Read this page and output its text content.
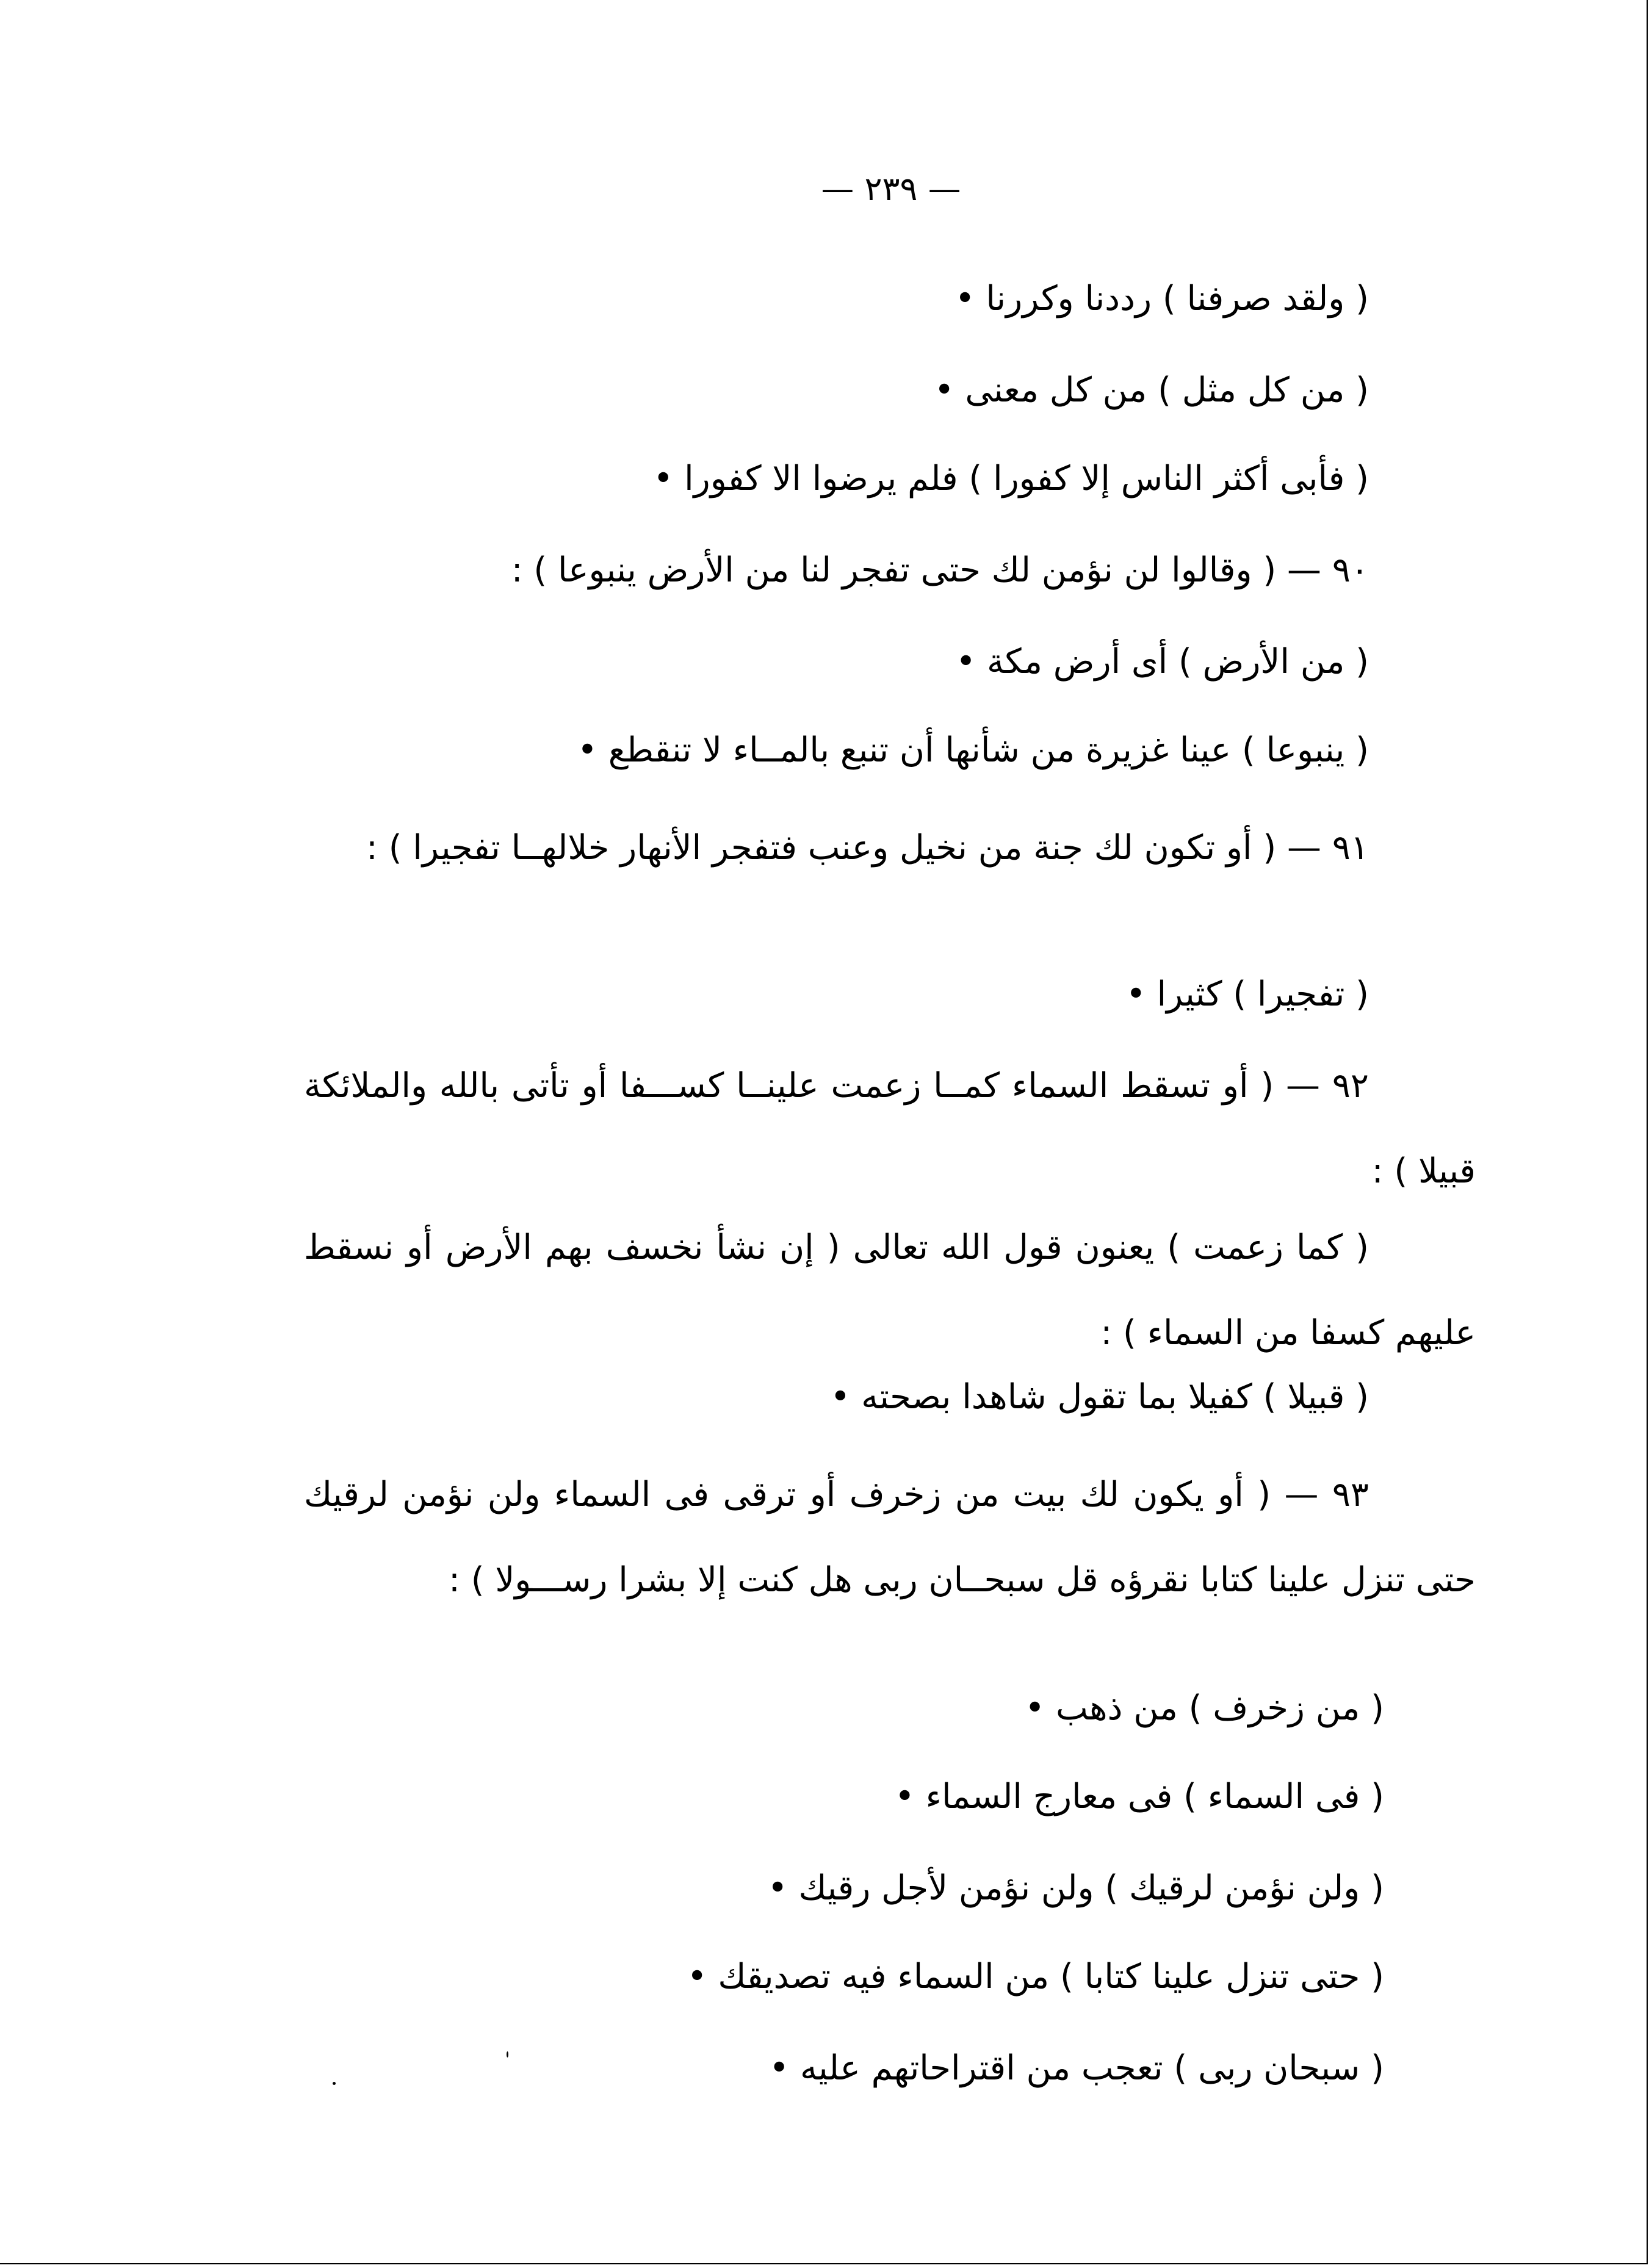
— ٢٣٩ —
( ولقد صرفنا ) رددنا وكررنا •
( من كل مثل ) من كل معنى •
( فأبى أكثر الناس إلا كفورا ) فلم يرضوا الا كفورا •
٩٠ — ( وقالوا لن نؤمن لك حتى تفجر لنا من الأرض ينبوعا ) :
( من الأرض ) أى أرض مكة •
( ينبوعا ) عينا غزيرة من شأنها أن تنبع بالمــاء لا تنقطع •
٩١ — ( أو تكون لك جنة من نخيل وعنب فتفجر الأنهار خلالهــا تفجيرا ) :
( تفجيرا ) كثيرا •
٩٢ — ( أو تسقط السماء كمــا زعمت علينــا كســـفا أو تأتى بالله والملائكة قبيلا ) :
( كما زعمت ) يعنون قول الله تعالى ( إن نشأ نخسف بهم الأرض أو نسقط عليهم كسفا من السماء ) :
( قبيلا ) كفيلا بما تقول شاهدا بصحته •
٩٣ — ( أو يكون لك بيت من زخرف أو ترقى فى السماء ولن نؤمن لرقيك حتى تنزل علينا كتابا نقرؤه قل سبحــان ربى هل كنت إلا بشرا رســـولا ) :
( من زخرف ) من ذهب •
( فى السماء ) فى معارج السماء •
( ولن نؤمن لرقيك ) ولن نؤمن لأجل رقيك •
( حتى تنزل علينا كتابا ) من السماء فيه تصديقك •
( سبحان ربى ) تعجب من اقتراحاتهم عليه •
